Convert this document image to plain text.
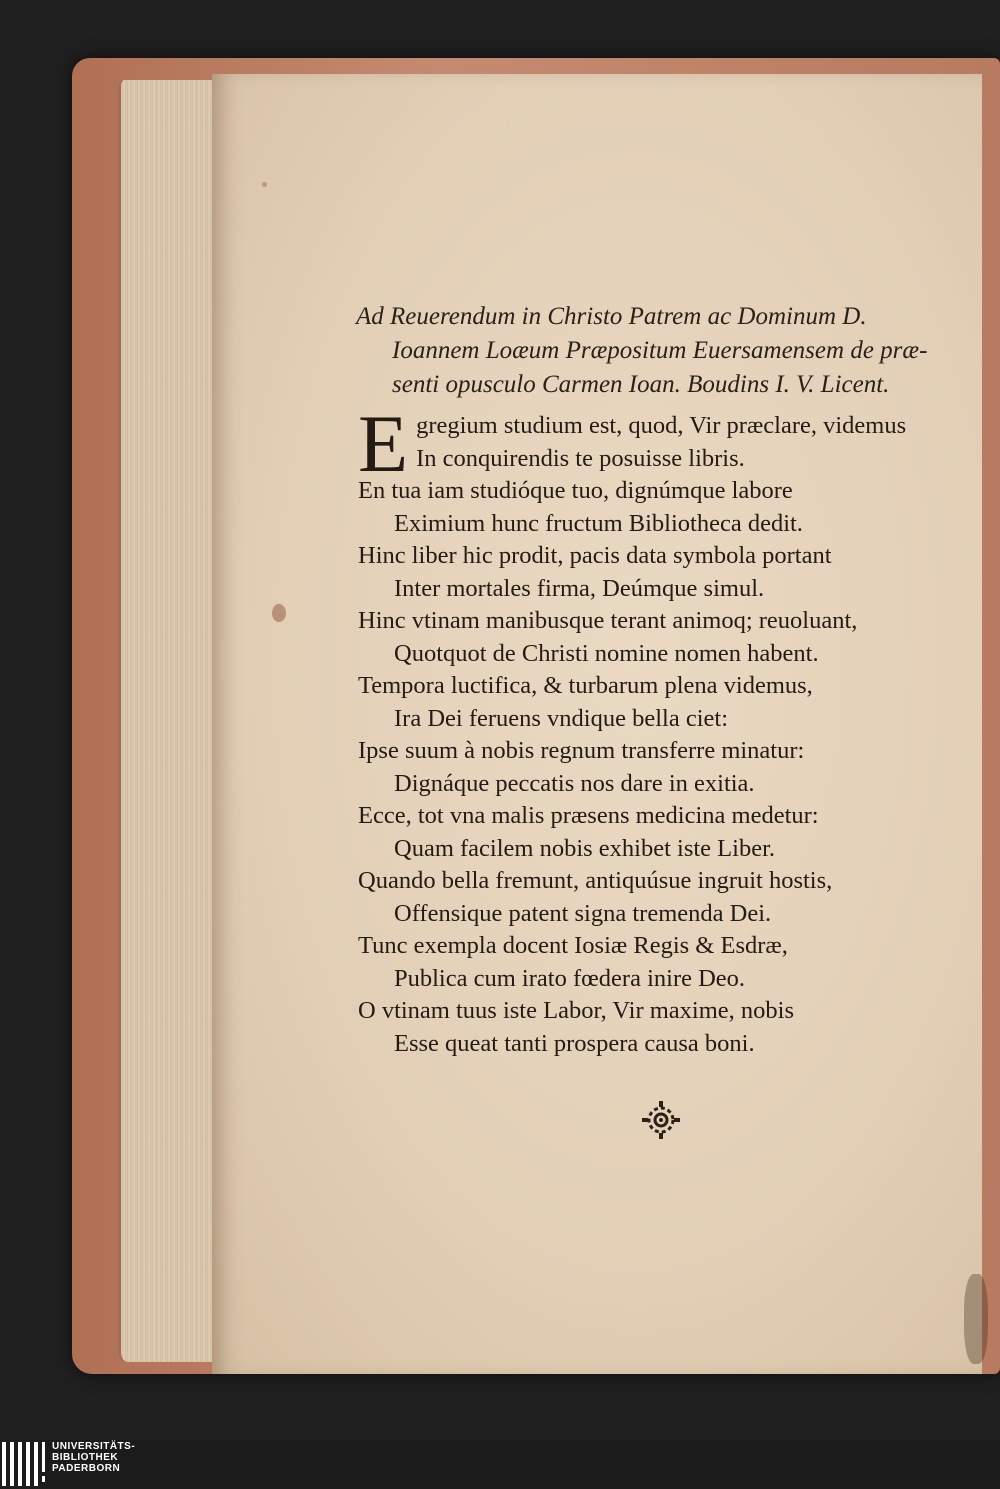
Ad Reuerendum in Christo Patrem ac Dominum D.
Ioannem Loæum Præpositum Euersamensem de præ-
senti opusculo Carmen Ioan. Boudins I. V. Licent.
E gregium studium est, quod, Vir præclare, videmus
In conquirendis te posuisse libris.
En tua iam studióque tuo, dignúmque labore
Eximium hunc fructum Bibliotheca dedit.
Hinc liber hic prodit, pacis data symbola portant
Inter mortales firma, Deúmque simul.
Hinc vtinam manibusque terant animoq; reuoluant,
Quotquot de Christi nomine nomen habent.
Tempora luctifica, & turbarum plena videmus,
Ira Dei feruens vndique bella ciet:
Ipse suum à nobis regnum transferre minatur:
Dignáque peccatis nos dare in exitia.
Ecce, tot vna malis præsens medicina medetur:
Quam facilem nobis exhibet iste Liber.
Quando bella fremunt, antiquúsue ingruit hostis,
Offensique patent signa tremenda Dei.
Tunc exempla docent Iosiæ Regis & Esdræ,
Publica cum irato fœdera inire Deo.
O vtinam tuus iste Labor, Vir maxime, nobis
Esse queat tanti prospera causa boni.
UNIVERSITÄTS-
BIBLIOTHEK
PADERBORN
